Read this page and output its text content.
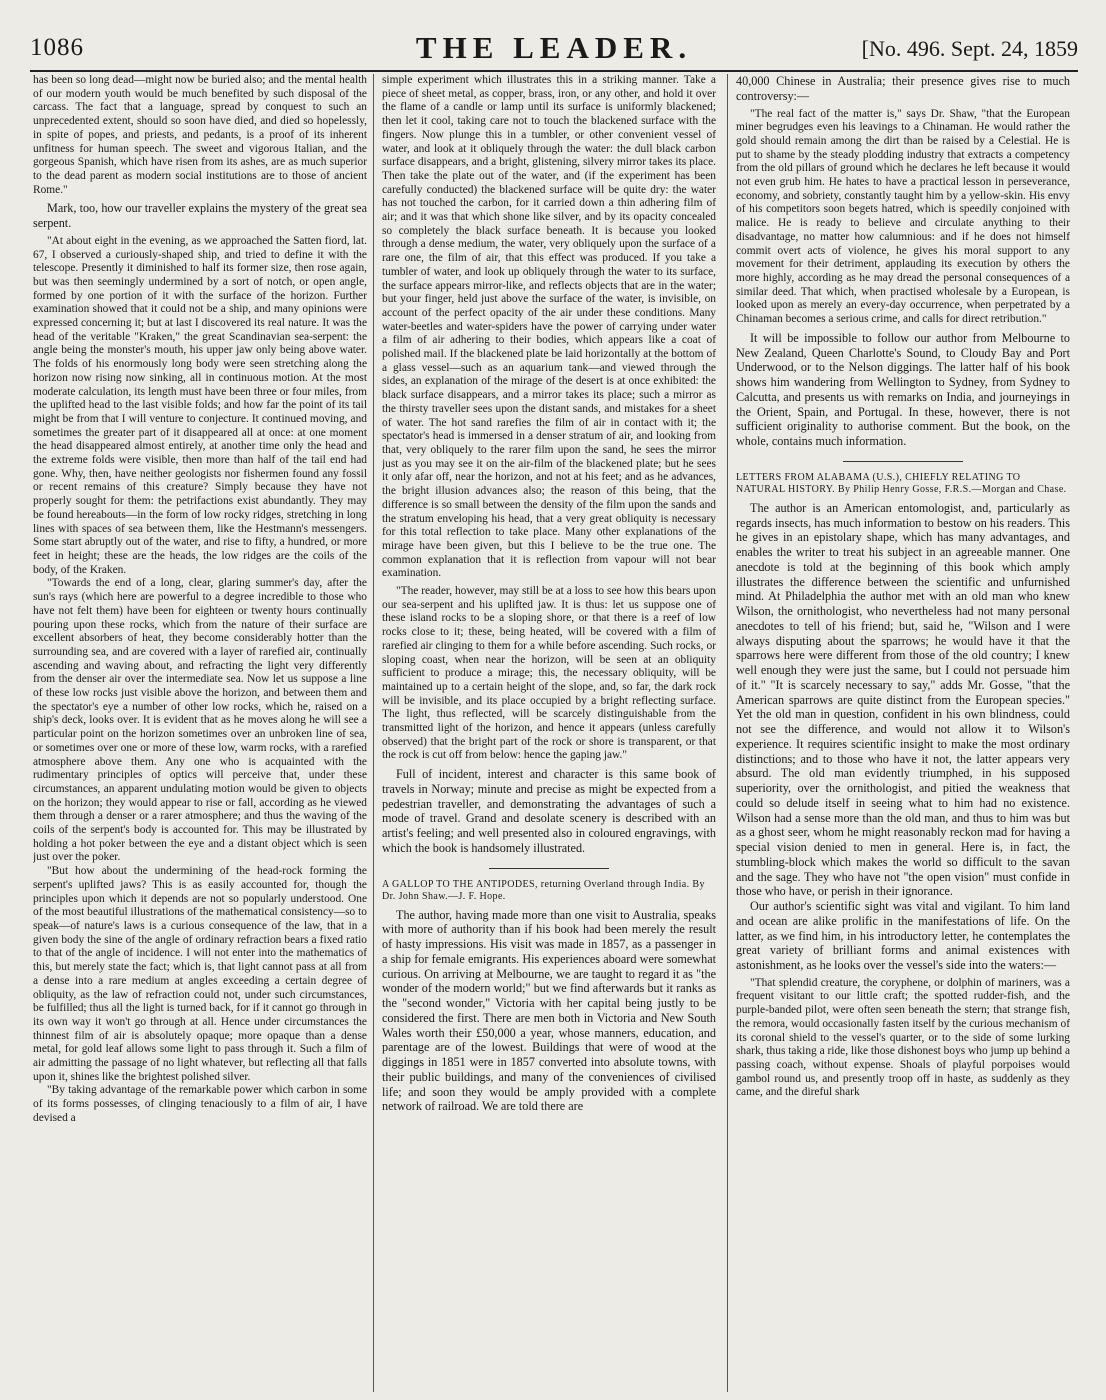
1086	THE LEADER.	[No. 496. Sept. 24, 1859

has been so long dead—might now be buried also; and the mental health of our modern youth would be much benefited by such disposal of the carcass. The fact that a language, spread by conquest to such an unprecedented extent, should so soon have died, and died so hopelessly, in spite of popes, and priests, and pedants, is a proof of its inherent unfitness for human speech. The sweet and vigorous Italian, and the gorgeous Spanish, which have risen from its ashes, are as much superior to the dead parent as modern social institutions are to those of ancient Rome."

Mark, too, how our traveller explains the mystery of the great sea serpent.

"At about eight in the evening, as we approached the Satten fiord, lat. 67, I observed a curiously-shaped ship, and tried to define it with the telescope. Presently it diminished to half its former size, then rose again, but was then seemingly undermined by a sort of notch, or open angle, formed by one portion of it with the surface of the horizon. Further examination showed that it could not be a ship, and many opinions were expressed concerning it; but at last I discovered its real nature. It was the head of the veritable "Kraken," the great Scandinavian sea-serpent: the angle being the monster's mouth, his upper jaw only being above water. The folds of his enormously long body were seen stretching along the horizon now rising now sinking, all in continuous motion. At the most moderate calculation, its length must have been three or four miles, from the uplifted head to the last visible folds; and how far the point of its tail might be from that I will venture to conjecture. It continued moving, and sometimes the greater part of it disappeared all at once: at one moment the head disappeared almost entirely, at another time only the head and the extreme folds were visible, then more than half of the tail end had gone. Why, then, have neither geologists nor fishermen found any fossil or recent remains of this creature? Simply because they have not properly sought for them: the petrifactions exist abundantly. They may be found hereabouts—in the form of low rocky ridges, stretching in long lines with spaces of sea between them, like the Hestmann's messengers. Some start abruptly out of the water, and rise to fifty, a hundred, or more feet in height; these are the heads, the low ridges are the coils of the body, of the Kraken.

"Towards the end of a long, clear, glaring summer's day, after the sun's rays (which here are powerful to a degree incredible to those who have not felt them) have been for eighteen or twenty hours continually pouring upon these rocks, which from the nature of their surface are excellent absorbers of heat, they become considerably hotter than the surrounding sea, and are covered with a layer of rarefied air, continually ascending and waving about, and refracting the light very differently from the denser air over the intermediate sea. Now let us suppose a line of these low rocks just visible above the horizon, and between them and the spectator's eye a number of other low rocks, which he, raised on a ship's deck, looks over. It is evident that as he moves along he will see a particular point on the horizon sometimes over an unbroken line of sea, or sometimes over one or more of these low, warm rocks, with a rarefied atmosphere above them. Any one who is acquainted with the rudimentary principles of optics will perceive that, under these circumstances, an apparent undulating motion would be given to objects on the horizon; they would appear to rise or fall, according as he viewed them through a denser or a rarer atmosphere; and thus the waving of the coils of the serpent's body is accounted for. This may be illustrated by holding a hot poker between the eye and a distant object which is seen just over the poker.

"But how about the undermining of the head-rock forming the serpent's uplifted jaws? This is as easily accounted for, though the principles upon which it depends are not so popularly understood. One of the most beautiful illustrations of the mathematical consistency—so to speak—of nature's laws is a curious consequence of the law, that in a given body the sine of the angle of ordinary refraction bears a fixed ratio to that of the angle of incidence. I will not enter into the mathematics of this, but merely state the fact; which is, that light cannot pass at all from a dense into a rare medium at angles exceeding a certain degree of obliquity, as the law of refraction could not, under such circumstances, be fulfilled; thus all the light is turned back, for if it cannot go through in its own way it won't go through at all. Hence under circumstances the thinnest film of air is absolutely opaque; more opaque than a dense metal, for gold leaf allows some light to pass through it. Such a film of air admitting the passage of no light whatever, but reflecting all that falls upon it, shines like the brightest polished silver.

"By taking advantage of the remarkable power which carbon in some of its forms possesses, of clinging tenaciously to a film of air, I have devised a

simple experiment which illustrates this in a striking manner. Take a piece of sheet metal, as copper, brass, iron, or any other, and hold it over the flame of a candle or lamp until its surface is uniformly blackened; then let it cool, taking care not to touch the blackened surface with the fingers. Now plunge this in a tumbler, or other convenient vessel of water, and look at it obliquely through the water: the dull black carbon surface disappears, and a bright, glistening, silvery mirror takes its place. Then take the plate out of the water, and (if the experiment has been carefully conducted) the blackened surface will be quite dry: the water has not touched the carbon, for it carried down a thin adhering film of air; and it was that which shone like silver, and by its opacity concealed so completely the black surface beneath. It is because you looked through a dense medium, the water, very obliquely upon the surface of a rare one, the film of air, that this effect was produced. If you take a tumbler of water, and look up obliquely through the water to its surface, the surface appears mirror-like, and reflects objects that are in the water; but your finger, held just above the surface of the water, is invisible, on account of the perfect opacity of the air under these conditions. Many water-beetles and water-spiders have the power of carrying under water a film of air adhering to their bodies, which appears like a coat of polished mail. If the blackened plate be laid horizontally at the bottom of a glass vessel—such as an aquarium tank—and viewed through the sides, an explanation of the mirage of the desert is at once exhibited: the black surface disappears, and a mirror takes its place; such a mirror as the thirsty traveller sees upon the distant sands, and mistakes for a sheet of water. The hot sand rarefies the film of air in contact with it; the spectator's head is immersed in a denser stratum of air, and looking from that, very obliquely to the rarer film upon the sand, he sees the mirror just as you may see it on the air-film of the blackened plate; but he sees it only afar off, near the horizon, and not at his feet; and as he advances, the bright illusion advances also; the reason of this being, that the difference is so small between the density of the film upon the sands and the stratum enveloping his head, that a very great obliquity is necessary for this total reflection to take place. Many other explanations of the mirage have been given, but this I believe to be the true one. The common explanation that it is reflection from vapour will not bear examination.

"The reader, however, may still be at a loss to see how this bears upon our sea-serpent and his uplifted jaw. It is thus: let us suppose one of these island rocks to be a sloping shore, or that there is a reef of low rocks close to it; these, being heated, will be covered with a film of rarefied air clinging to them for a while before ascending. Such rocks, or sloping coast, when near the horizon, will be seen at an obliquity sufficient to produce a mirage; this, the necessary obliquity, will be maintained up to a certain height of the slope, and, so far, the dark rock will be invisible, and its place occupied by a bright reflecting surface. The light, thus reflected, will be scarcely distinguishable from the transmitted light of the horizon, and hence it appears (unless carefully observed) that the bright part of the rock or shore is transparent, or that the rock is cut off from below: hence the gaping jaw."

Full of incident, interest and character is this same book of travels in Norway; minute and precise as might be expected from a pedestrian traveller, and demonstrating the advantages of such a mode of travel. Grand and desolate scenery is described with an artist's feeling; and well presented also in coloured engravings, with which the book is handsomely illustrated.

A GALLOP TO THE ANTIPODES, returning Overland through India. By Dr. John Shaw.—J. F. Hope.

The author, having made more than one visit to Australia, speaks with more of authority than if his book had been merely the result of hasty impressions. His visit was made in 1857, as a passenger in a ship for female emigrants. His experiences aboard were somewhat curious. On arriving at Melbourne, we are taught to regard it as "the wonder of the modern world;" but we find afterwards but it ranks as the "second wonder," Victoria with her capital being justly to be considered the first. There are men both in Victoria and New South Wales worth their £50,000 a year, whose manners, education, and parentage are of the lowest. Buildings that were of wood at the diggings in 1851 were in 1857 converted into absolute towns, with their public buildings, and many of the conveniences of civilised life; and soon they would be amply provided with a complete network of railroad. We are told there are

40,000 Chinese in Australia; their presence gives rise to much controversy:—

"The real fact of the matter is," says Dr. Shaw, "that the European miner begrudges even his leavings to a Chinaman. He would rather the gold should remain among the dirt than be raised by a Celestial. He is put to shame by the steady plodding industry that extracts a competency from the old pillars of ground which he declares he left because it would not even grub him. He hates to have a practical lesson in perseverance, economy, and sobriety, constantly taught him by a yellow-skin. His envy of his competitors soon begets hatred, which is speedily conjoined with malice. He is ready to believe and circulate anything to their disadvantage, no matter how calumnious: and if he does not himself commit overt acts of violence, he gives his moral support to any movement for their detriment, applauding its execution by others the more highly, according as he may dread the personal consequences of a similar deed. That which, when practised wholesale by a European, is looked upon as merely an every-day occurrence, when perpetrated by a Chinaman becomes a serious crime, and calls for direct retribution."

It will be impossible to follow our author from Melbourne to New Zealand, Queen Charlotte's Sound, to Cloudy Bay and Port Underwood, or to the Nelson diggings. The latter half of his book shows him wandering from Wellington to Sydney, from Sydney to Calcutta, and presents us with remarks on India, and journeyings in the Orient, Spain, and Portugal. In these, however, there is not sufficient originality to authorise comment. But the book, on the whole, contains much information.

LETTERS FROM ALABAMA (U.S.), CHIEFLY RELATING TO NATURAL HISTORY. By Philip Henry Gosse, F.R.S.—Morgan and Chase.

The author is an American entomologist, and, particularly as regards insects, has much information to bestow on his readers. This he gives in an epistolary shape, which has many advantages, and enables the writer to treat his subject in an agreeable manner. One anecdote is told at the beginning of this book which amply illustrates the difference between the scientific and unfurnished mind. At Philadelphia the author met with an old man who knew Wilson, the ornithologist, who nevertheless had not many personal anecdotes to tell of his friend; but, said he, "Wilson and I were always disputing about the sparrows; he would have it that the sparrows here were different from those of the old country; I knew well enough they were just the same, but I could not persuade him of it." "It is scarcely necessary to say," adds Mr. Gosse, "that the American sparrows are quite distinct from the European species." Yet the old man in question, confident in his own blindness, could not see the difference, and would not allow it to Wilson's experience. It requires scientific insight to make the most ordinary distinctions; and to those who have it not, the latter appears very absurd. The old man evidently triumphed, in his supposed superiority, over the ornithologist, and pitied the weakness that could so delude itself in seeing what to him had no existence. Wilson had a sense more than the old man, and thus to him was but as a ghost seer, whom he might reasonably reckon mad for having a special vision denied to men in general. Here is, in fact, the stumbling-block which makes the world so difficult to the savan and the sage. They who have not "the open vision" must confide in those who have, or perish in their ignorance.

Our author's scientific sight was vital and vigilant. To him land and ocean are alike prolific in the manifestations of life. On the latter, as we find him, in his introductory letter, he contemplates the great variety of brilliant forms and animal existences with astonishment, as he looks over the vessel's side into the waters:—

"That splendid creature, the coryphene, or dolphin of mariners, was a frequent visitant to our little craft; the spotted rudder-fish, and the purple-banded pilot, were often seen beneath the stern; that strange fish, the remora, would occasionally fasten itself by the curious mechanism of its coronal shield to the vessel's quarter, or to the side of some lurking shark, thus taking a ride, like those dishonest boys who jump up behind a passing coach, without expense. Shoals of playful porpoises would gambol round us, and presently troop off in haste, as suddenly as they came, and the direful shark
